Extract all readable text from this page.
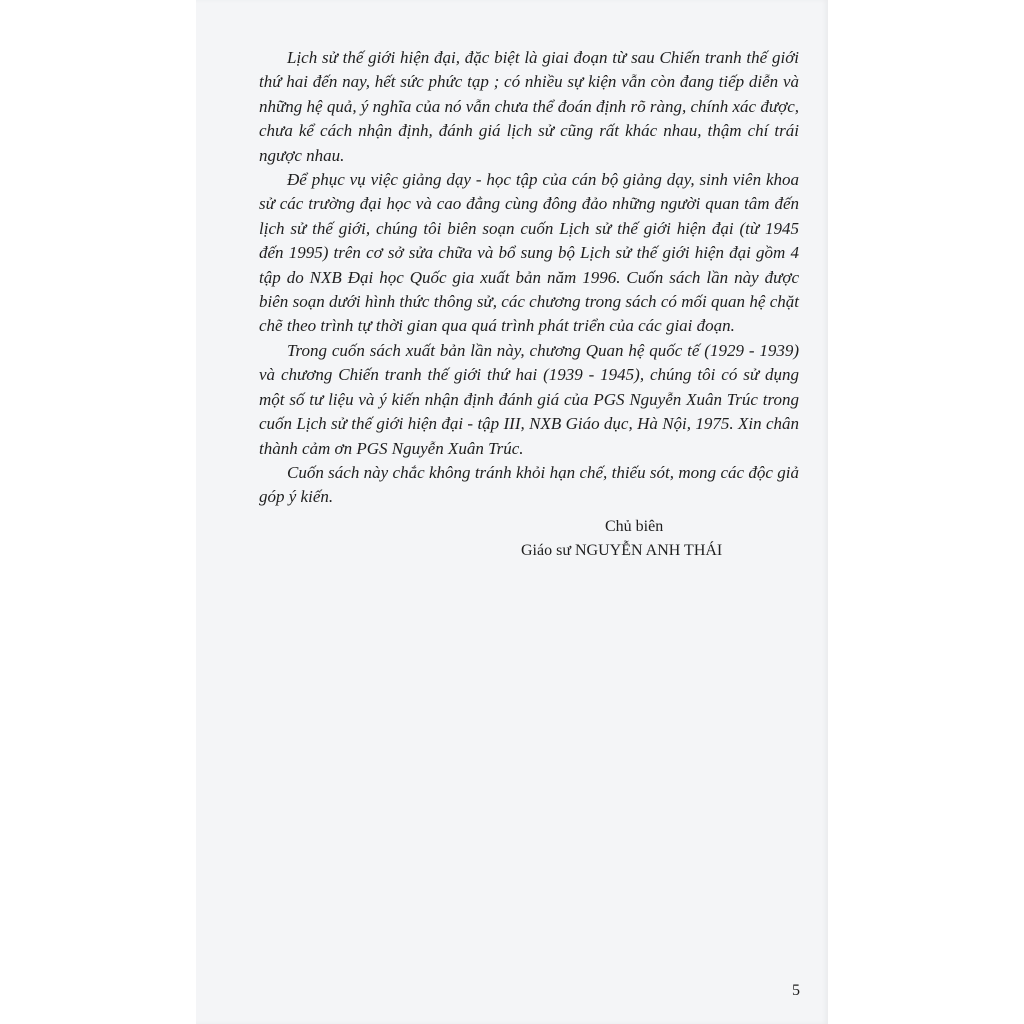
Lịch sử thế giới hiện đại, đặc biệt là giai đoạn từ sau Chiến tranh thế giới thứ hai đến nay, hết sức phức tạp ; có nhiều sự kiện vẫn còn đang tiếp diễn và những hệ quả, ý nghĩa của nó vẫn chưa thể đoán định rõ ràng, chính xác được, chưa kể cách nhận định, đánh giá lịch sử cũng rất khác nhau, thậm chí trái ngược nhau.

Để phục vụ việc giảng dạy - học tập của cán bộ giảng dạy, sinh viên khoa sử các trường đại học và cao đẳng cùng đông đảo những người quan tâm đến lịch sử thế giới, chúng tôi biên soạn cuốn Lịch sử thế giới hiện đại (từ 1945 đến 1995) trên cơ sở sửa chữa và bổ sung bộ Lịch sử thế giới hiện đại gồm 4 tập do NXB Đại học Quốc gia xuất bản năm 1996. Cuốn sách lần này được biên soạn dưới hình thức thông sử, các chương trong sách có mối quan hệ chặt chẽ theo trình tự thời gian qua quá trình phát triển của các giai đoạn.

Trong cuốn sách xuất bản lần này, chương Quan hệ quốc tế (1929 - 1939) và chương Chiến tranh thế giới thứ hai (1939 - 1945), chúng tôi có sử dụng một số tư liệu và ý kiến nhận định đánh giá của PGS Nguyễn Xuân Trúc trong cuốn Lịch sử thế giới hiện đại - tập III, NXB Giáo dục, Hà Nội, 1975. Xin chân thành cảm ơn PGS Nguyễn Xuân Trúc.

Cuốn sách này chắc không tránh khỏi hạn chế, thiếu sót, mong các độc giả góp ý kiến.

Chủ biên
Giáo sư NGUYỄN ANH THÁI
5
